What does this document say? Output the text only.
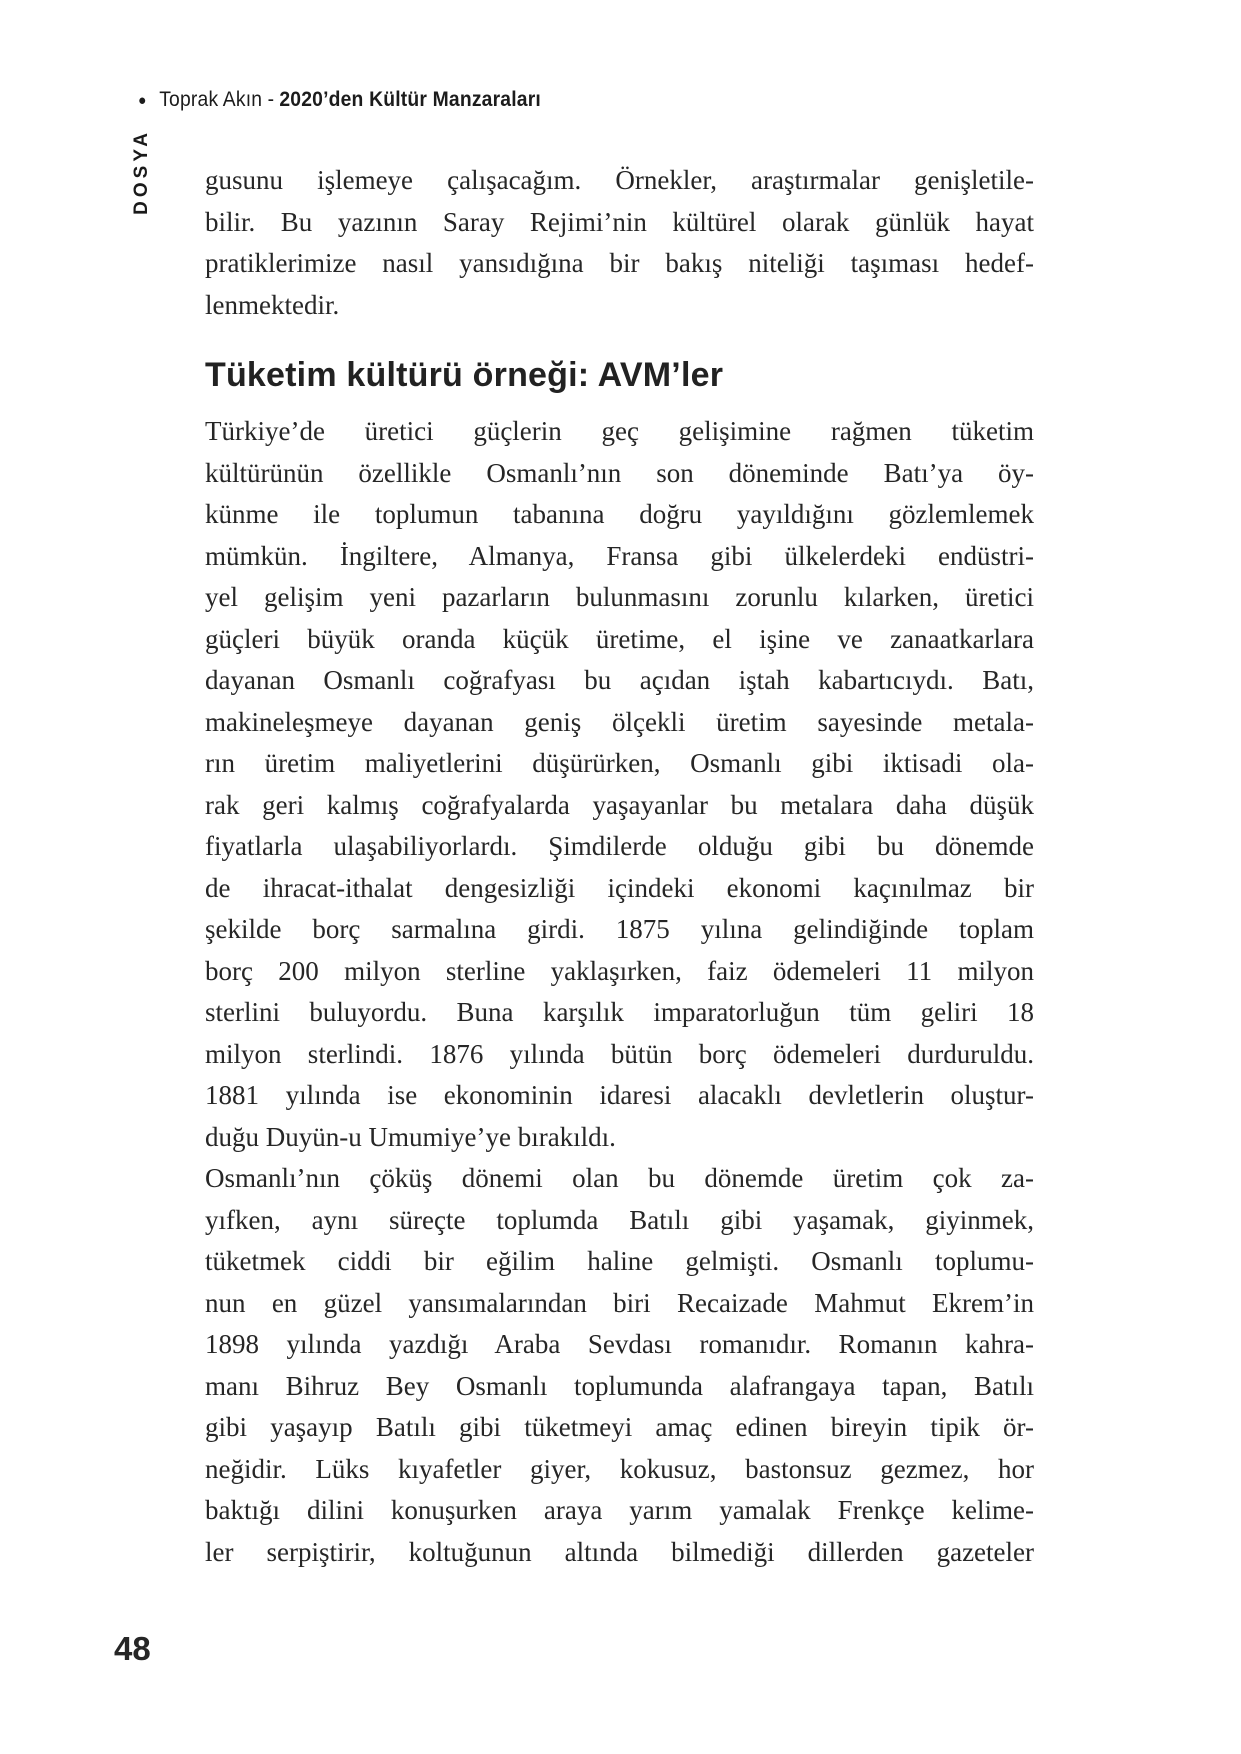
● Toprak Akın - 2020’den Kültür Manzaraları
DOSYA gusunu işlemeye çalışacağım. Örnekler, araştırmalar genişletile-
bilir. Bu yazının Saray Rejimi’nin kültürel olarak günlük hayat
pratiklerimize nasıl yansıdığına bir bakış niteliği taşıması hedef-
lenmektedir.
Tüketim kültürü örneği: AVM’ler
Türkiye’de üretici güçlerin geç gelişimine rağmen tüketim
kültürünün özellikle Osmanlı’nın son döneminde Batı’ya öy-
künme ile toplumun tabanına doğru yayıldığını gözlemlemek
mümkün. İngiltere, Almanya, Fransa gibi ülkelerdeki endüstri-
yel gelişim yeni pazarların bulunmasını zorunlu kılarken, üretici
güçleri büyük oranda küçük üretime, el işine ve zanaatkarlara
dayanan Osmanlı coğrafyası bu açıdan iştah kabartıcıydı. Batı,
makineleşmeye dayanan geniş ölçekli üretim sayesinde metala-
rın üretim maliyetlerini düşürürken, Osmanlı gibi iktisadi ola-
rak geri kalmış coğrafyalarda yaşayanlar bu metalara daha düşük
fiyatlarla ulaşabiliyorlardı. Şimdilerde olduğu gibi bu dönemde
de ihracat-ithalat dengesizliği içindeki ekonomi kaçınılmaz bir
şekilde borç sarmalına girdi. 1875 yılına gelindiğinde toplam
borç 200 milyon sterline yaklaşırken, faiz ödemeleri 11 milyon
sterlini buluyordu. Buna karşılık imparatorluğun tüm geliri 18
milyon sterlindi. 1876 yılında bütün borç ödemeleri durduruldu.
1881 yılında ise ekonominin idaresi alacaklı devletlerin oluştur-
duğu Duyün-u Umumiye’ye bırakıldı.
Osmanlı’nın çöküş dönemi olan bu dönemde üretim çok za-
yıfken, aynı süreçte toplumda Batılı gibi yaşamak, giyinmek,
tüketmek ciddi bir eğilim haline gelmişti. Osmanlı toplumu-
nun en güzel yansımalarından biri Recaizade Mahmut Ekrem’in
1898 yılında yazdığı Araba Sevdası romanıdır. Romanın kahra-
manı Bihruz Bey Osmanlı toplumunda alafrangaya tapan, Batılı
gibi yaşayıp Batılı gibi tüketmeyi amaç edinen bireyin tipik ör-
neğidir. Lüks kıyafetler giyer, kokusuz, bastonsuz gezmez, hor
baktığı dilini konuşurken araya yarım yamalak Frenkçe kelime-
ler serpiştirir, koltuğunun altında bilmediği dillerden gazeteler
48
